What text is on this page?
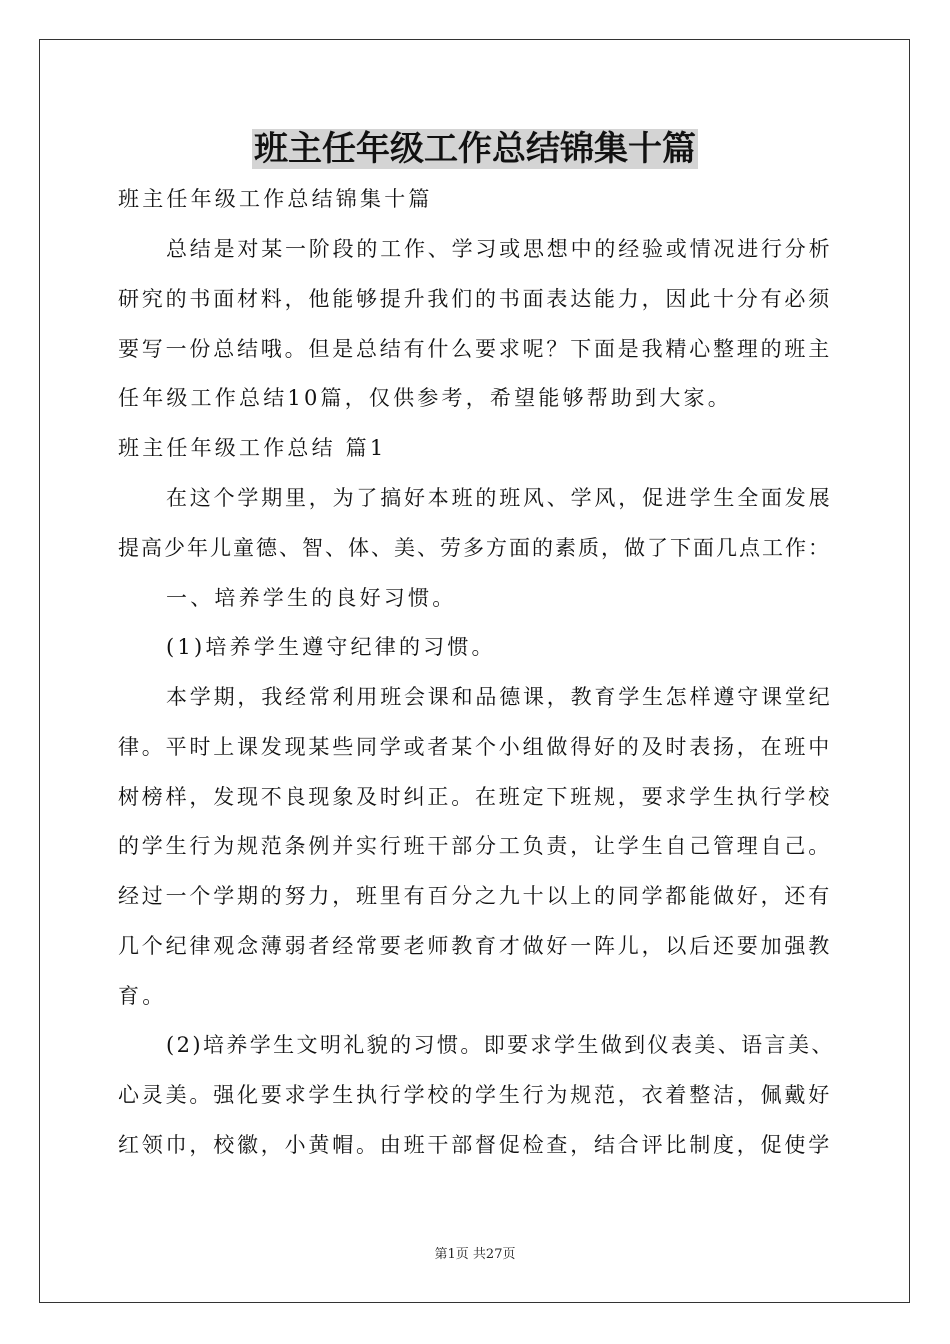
班主任年级工作总结锦集十篇
班主任年级工作总结锦集十篇
总结是对某一阶段的工作、学习或思想中的经验或情况进行分析
研究的书面材料，他能够提升我们的书面表达能力，因此十分有必须
要写一份总结哦。但是总结有什么要求呢？下面是我精心整理的班主
任年级工作总结10篇，仅供参考，希望能够帮助到大家。
班主任年级工作总结 篇1
在这个学期里，为了搞好本班的班风、学风，促进学生全面发展
提高少年儿童德、智、体、美、劳多方面的素质，做了下面几点工作：
一、培养学生的良好习惯。
(1)培养学生遵守纪律的习惯。
本学期，我经常利用班会课和品德课，教育学生怎样遵守课堂纪
律。平时上课发现某些同学或者某个小组做得好的及时表扬，在班中
树榜样，发现不良现象及时纠正。在班定下班规，要求学生执行学校
的学生行为规范条例并实行班干部分工负责，让学生自己管理自己。
经过一个学期的努力，班里有百分之九十以上的同学都能做好，还有
几个纪律观念薄弱者经常要老师教育才做好一阵儿，以后还要加强教
育。
(2)培养学生文明礼貌的习惯。即要求学生做到仪表美、语言美、
心灵美。强化要求学生执行学校的学生行为规范，衣着整洁，佩戴好
红领巾，校徽，小黄帽。由班干部督促检查，结合评比制度，促使学
第1页 共27页
